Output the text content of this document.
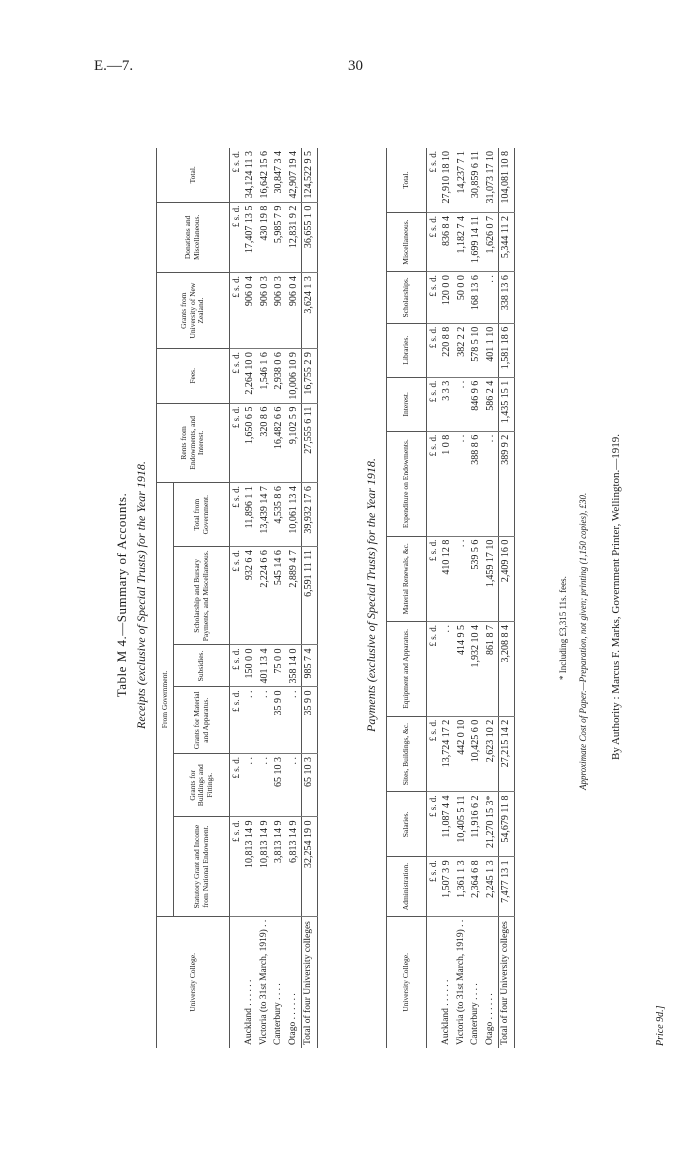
E.—7.	30
Table M 4.—Summary of Accounts. Receipts (exclusive of Special Trusts) for the Year 1918.
University College.	From Government.						Rents from Endowments, and Interest.	Fees.	Grants from University of New Zealand.	Donations and Miscellaneous.	Total.
	Statutory Grant and Income from National Endowment.	Grants for Buildings and Fittings.	Grants for Material and Apparatus.	Subsidies.	Scholarship and Bursary Payments, and Miscellaneous.	Total from Government.					
	£ s. d.	£ s. d.	£ s. d.	£ s. d.	£ s. d.	£ s. d.	£ s. d.	£ s. d.	£ s. d.	£ s. d.	£ s. d.
Auckland . . . . . .	10,813 14 9	. .	. .	150 0 0	932 6 4	11,896 1 1	1,650 6 5	2,264 10 0	906 0 4	17,407 13 5	34,124 11 3
Victoria (to 31st March, 1919) . .	10,813 14 9	. .	. .	401 13 4	2,224 6 6	13,439 14 7	320 8 6	1,546 1 6	906 0 3	430 19 8	16,642 15 6
Canterbury . . . .	3,813 14 9	65 10 3	35 9 0	75 0 0	545 14 6	4,535 8 6	16,482 6 6	2,938 0 6	906 0 3	5,985 7 9	30,847 3 4
Otago . . . . . .	6,813 14 9	. .	. .	358 14 0	2,889 4 7	10,061 13 4	9,102 5 9	10,006 10 9	906 0 4	12,831 9 2	42,907 19 4
Total of four University colleges	32,254 19 0	65 10 3	35 9 0	985 7 4	6,591 11 11	39,932 17 6	27,555 6 11	16,755 2 9	3,624 1 3	36,655 1 0	124,522 9 5
Payments (exclusive of Special Trusts) for the Year 1918.
University College.	Administration.	Salaries.	Sites, Buildings, &c.	Equipment and Apparatus.	Material Renewals, &c.	Expenditure on Endowments.	Interest.	Libraries.	Scholarships.	Miscellaneous.	Total.
	£ s. d.	£ s. d.	£ s. d.	£ s. d.	£ s. d.	£ s. d.	£ s. d.	£ s. d.	£ s. d.	£ s. d.	£ s. d.
Auckland . . . . . .	1,507 3 9	11,087 4 4	13,724 17 2	. .	410 12 8	1 0 8	3 3 3	220 8 8	120 0 0	836 8 4	27,910 18 10
Victoria (to 31st March, 1919) . .	1,361 1 3	10,405 5 11	442 0 10	414 9 5	. .	. .	. .	382 2 2	50 0 0	1,182 7 4	14,237 7 1
Canterbury . . . .	2,364 6 8	11,916 6 2	10,425 6 0	1,932 10 4	539 5 6	388 8 6	846 9 6	578 5 10	168 13 6	1,699 14 11	30,859 6 11
Otago . . . . . .	2,245 1 3	21,270 15 3*	2,623 10 2	861 8 7	1,459 17 10	. .	586 2 4	401 1 10	. .	1,626 0 7	31,073 17 10
Total of four University colleges	7,477 13 1	54,679 11 8	27,215 14 2	3,208 8 4	2,409 16 0	389 9 2	1,435 15 1	1,581 18 6	338 13 6	5,344 11 2	104,081 10 8
* Including £3,315 11s. fees. Approximate Cost of Paper.—Preparation, not given; printing (1,150 copies), £30. By Authority : Marcus F. Marks, Government Printer, Wellington.—1919.
Price 9d.]
